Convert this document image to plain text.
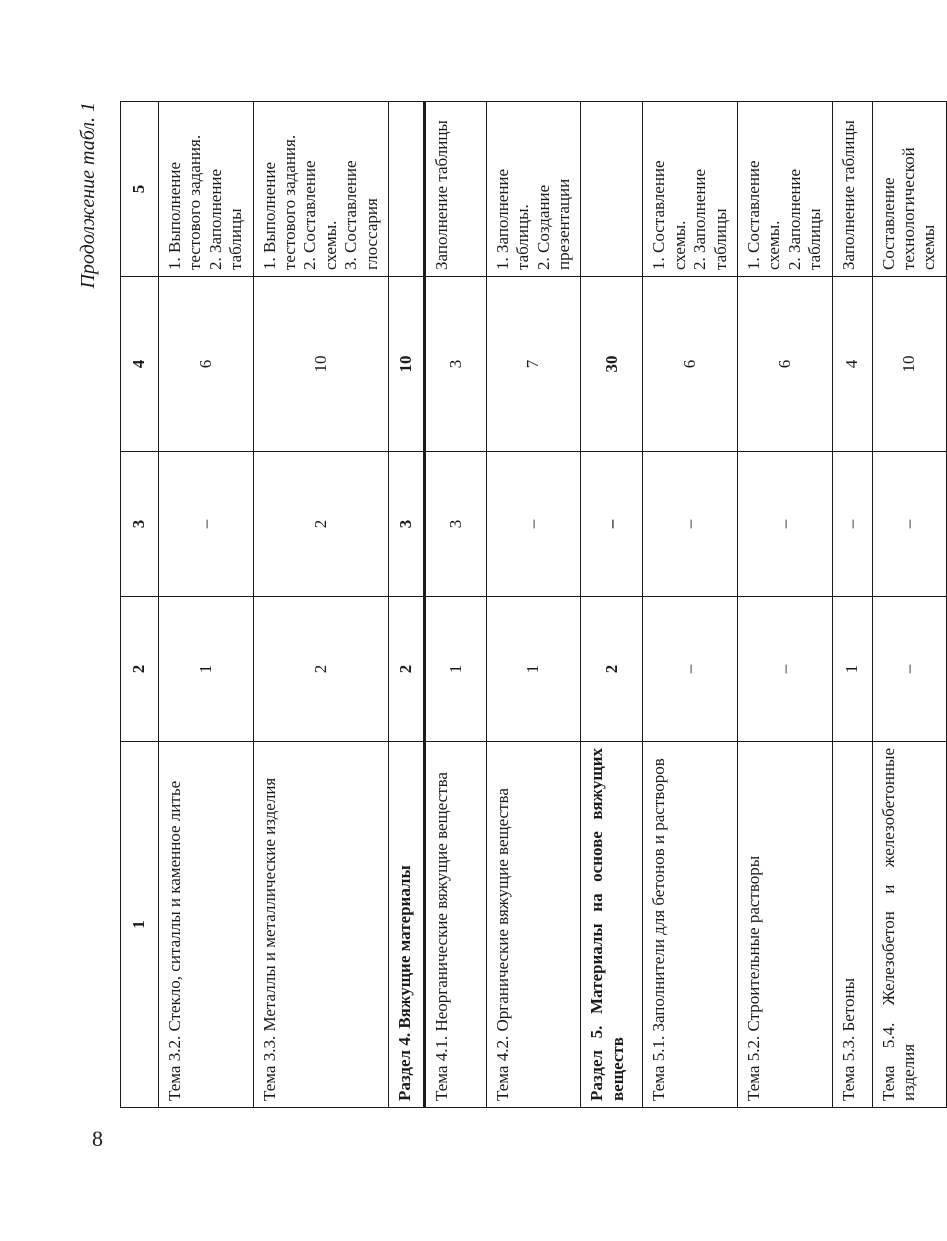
8
Продолжение табл. 1
1	2	3	4	5
Тема 3.2. Стекло, ситаллы и каменное литье	1	–	6	1. Выполнение тестового задания. 2. Заполнение таблицы

Тема 3.3. Металлы и металлические изделия	2	2	10	1. Выполнение тестового задания. 2. Составление схемы. 3. Составление глоссария

Раздел 4. Вяжущие материалы	2	3	10	
Тема 4.1. Неорганические вяжущие вещества	1	3	3	Заполнение таблицы

Тема 4.2. Органические вяжущие вещества	1	–	7	1. Заполнение таблицы. 2. Создание презентации

Раздел 5. Материалы на основе вяжущих веществ	2	–	30	
Тема 5.1. Заполнители для бетонов и растворов	–	–	6	1. Составление схемы. 2. Заполнение таблицы

Тема 5.2. Строительные растворы	–	–	6	1. Составление схемы. 2. Заполнение таблицы

Тема 5.3. Бетоны	1	–	4	Заполнение таблицы

Тема 5.4. Железобетон и железобетонные изделия	–	–	10	Составление технологической схемы
